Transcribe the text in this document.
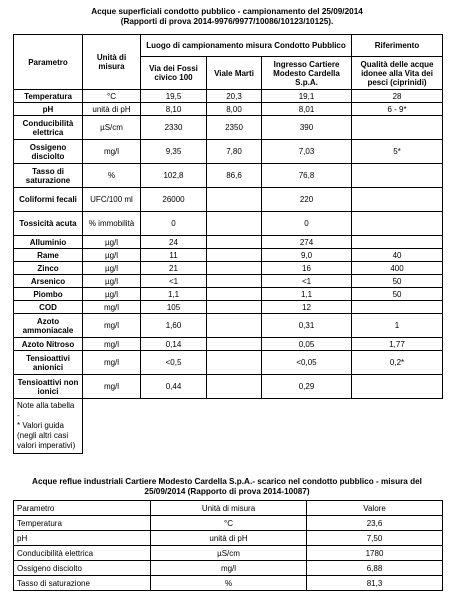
Acque superficiali condotto pubblico - campionamento del 25/09/2014
(Rapporti di prova 2014-9976/9977/10086/10123/10125).
Parametro	Unità di misura	Luogo di campionamento misura Condotto Pubblico			Riferimento
		Via dei Fossi civico 100	Viale Marti	Ingresso Cartiere Modesto Cardella S.p.A.	Qualità delle acque idonee alla Vita dei pesci (ciprinidi)
Temperatura	°C	19,5	20,3	19,1	28
pH	unità di pH	8,10	8,00	8,01	6 - 9*
Conducibilità elettrica	µS/cm	2330	2350	390	
Ossigeno disciolto	mg/l	9,35	7,80	7,03	5*
Tasso di saturazione	%	102,8	86,6	76,8	
Coliformi fecali	UFC/100 ml	26000		220	
Tossicità acuta	% immobilità	0		0	
Alluminio	µg/l	24		274	
Rame	µg/l	11		9,0	40
Zinco	µg/l	21		16	400
Arsenico	µg/l	<1		<1	50
Piombo	µg/l	1,1		1,1	50
COD	mg/l	105		12	
Azoto ammoniacale	mg/l	1,60		0,31	1
Azoto Nitroso	mg/l	0,14		0,05	1,77
Tensioattivi anionici	mg/l	<0,5		<0,05	0,2*
Tensioattivi non ionici	mg/l	0,44		0,29	

Note alla tabella -
* Valori guida (negli altri casi valori imperativi)					

Acque reflue industriali Cartiere Modesto Cardella S.p.A.- scarico nel condotto pubblico - misura del
25/09/2014 (Rapporto di prova 2014-10087)
Parametro	Unità di misura	Valore
Temperatura	°C	23,6
pH	unità di pH	7,50
Conducibilità elettrica	µS/cm	1780
Ossigeno disciolto	mg/l	6,88
Tasso di saturazione	%	81,3
